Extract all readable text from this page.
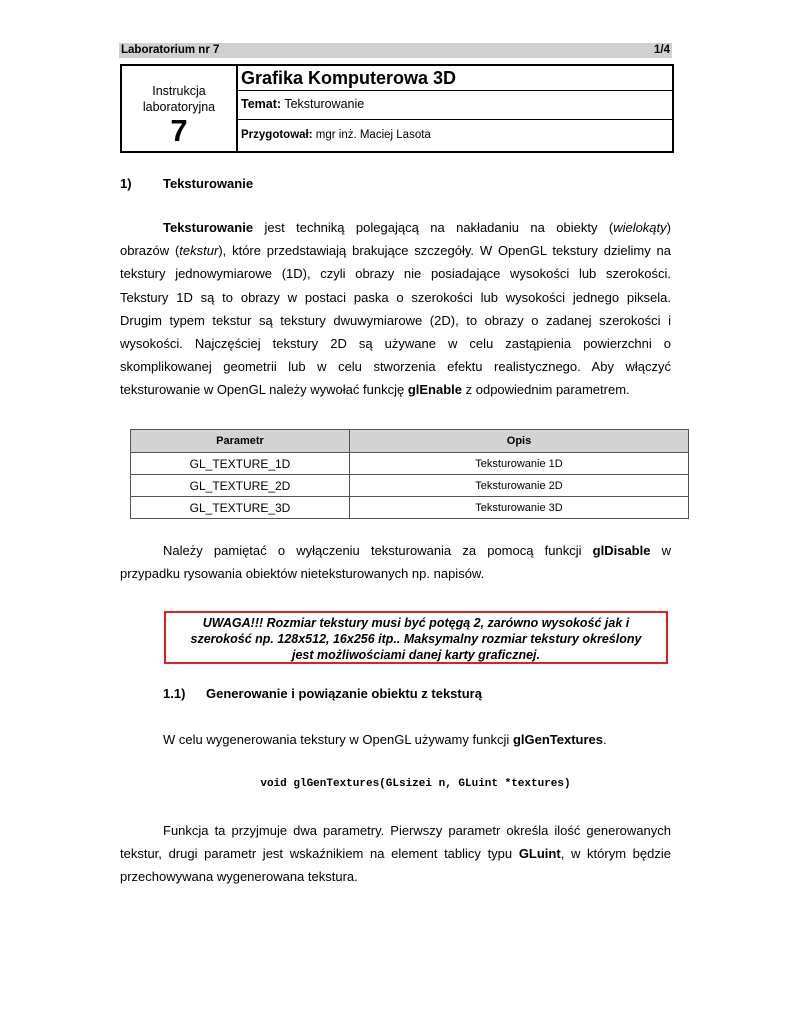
Laboratorium nr 7	1/4
Instrukcja
laboratoryjna
7
Grafika Komputerowa 3D
Temat: Teksturowanie
Przygotował: mgr inż. Maciej Lasota
1) Teksturowanie
Teksturowanie jest techniką polegającą na nakładaniu na obiekty (wielokąty)
obrazów (tekstur), które przedstawiają brakujące szczegóły. W OpenGL tekstury dzielimy na
tekstury jednowymiarowe (1D), czyli obrazy nie posiadające wysokości lub szerokości.
Tekstury 1D są to obrazy w postaci paska o szerokości lub wysokości jednego piksela.
Drugim typem tekstur są tekstury dwuwymiarowe (2D), to obrazy o zadanej szerokości i
wysokości. Najczęściej tekstury 2D są używane w celu zastąpienia powierzchni o
skomplikowanej geometrii lub w celu stworzenia efektu realistycznego. Aby włączyć
teksturowanie w OpenGL należy wywołać funkcję glEnable z odpowiednim parametrem.
Parametr	Opis
GL_TEXTURE_1D	Teksturowanie 1D
GL_TEXTURE_2D	Teksturowanie 2D
GL_TEXTURE_3D	Teksturowanie 3D
Należy pamiętać o wyłączeniu teksturowania za pomocą funkcji glDisable w
przypadku rysowania obiektów nieteksturowanych np. napisów.
UWAGA!!! Rozmiar tekstury musi być potęgą 2, zarówno wysokość jak i
szerokość np. 128x512, 16x256 itp.. Maksymalny rozmiar tekstury określony
jest możliwościami danej karty graficznej.
1.1) Generowanie i powiązanie obiektu z teksturą
W celu wygenerowania tekstury w OpenGL używamy funkcji glGenTextures.
void glGenTextures(GLsizei n, GLuint *textures)
Funkcja ta przyjmuje dwa parametry. Pierwszy parametr określa ilość generowanych
tekstur, drugi parametr jest wskaźnikiem na element tablicy typu GLuint, w którym będzie
przechowywana wygenerowana tekstura.
